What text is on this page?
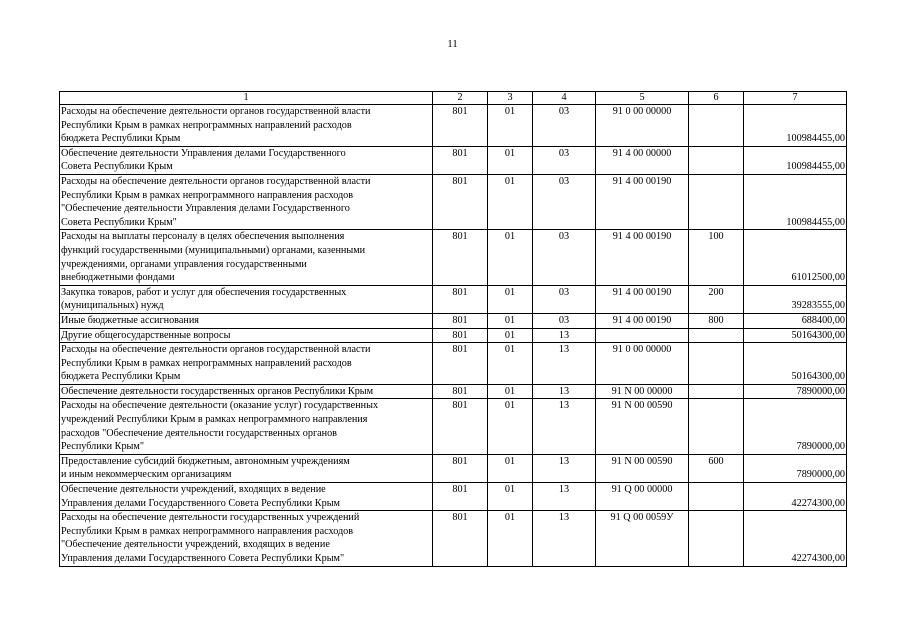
11
1	2	3	4	5	6	7

Расходы на обеспечение деятельности органов государственной власти
Республики Крым в рамках непрограммных направлений расходов
бюджета Республики Крым	801	01	03	91 0 00 00000		100984455,00

Обеспечение деятельности Управления делами Государственного
Совета Республики Крым	801	01	03	91 4 00 00000		100984455,00

Расходы на обеспечение деятельности органов государственной власти
Республики Крым в рамках непрограммного направления расходов
"Обеспечение деятельности Управления делами Государственного
Совета Республики Крым"	801	01	03	91 4 00 00190		100984455,00

Расходы на выплаты персоналу в целях обеспечения выполнения
функций государственными (муниципальными) органами, казенными
учреждениями, органами управления государственными
внебюджетными фондами	801	01	03	91 4 00 00190	100	61012500,00

Закупка товаров, работ и услуг для обеспечения государственных
(муниципальных) нужд	801	01	03	91 4 00 00190	200	39283555,00

Иные бюджетные ассигнования	801	01	03	91 4 00 00190	800	688400,00

Другие общегосударственные вопросы	801	01	13			50164300,00

Расходы на обеспечение деятельности органов государственной власти
Республики Крым в рамках непрограммных направлений расходов
бюджета Республики Крым	801	01	13	91 0 00 00000		50164300,00

Обеспечение деятельности государственных органов Республики Крым	801	01	13	91 N 00 00000		7890000,00

Расходы на обеспечение деятельности (оказание услуг) государственных
учреждений Республики Крым в рамках непрограммного направления
расходов "Обеспечение деятельности государственных органов
Республики Крым"	801	01	13	91 N 00 00590		7890000,00

Предоставление субсидий бюджетным, автономным учреждениям
и иным некоммерческим организациям	801	01	13	91 N 00 00590	600	7890000,00

Обеспечение деятельности учреждений, входящих в ведение
Управления делами Государственного Совета Республики Крым	801	01	13	91 Q 00 00000		42274300,00

Расходы на обеспечение деятельности государственных учреждений
Республики Крым в рамках непрограммного направления расходов
"Обеспечение деятельности учреждений, входящих в ведение
Управления делами Государственного Совета Республики Крым"	801	01	13	91 Q 00 0059У		42274300,00
